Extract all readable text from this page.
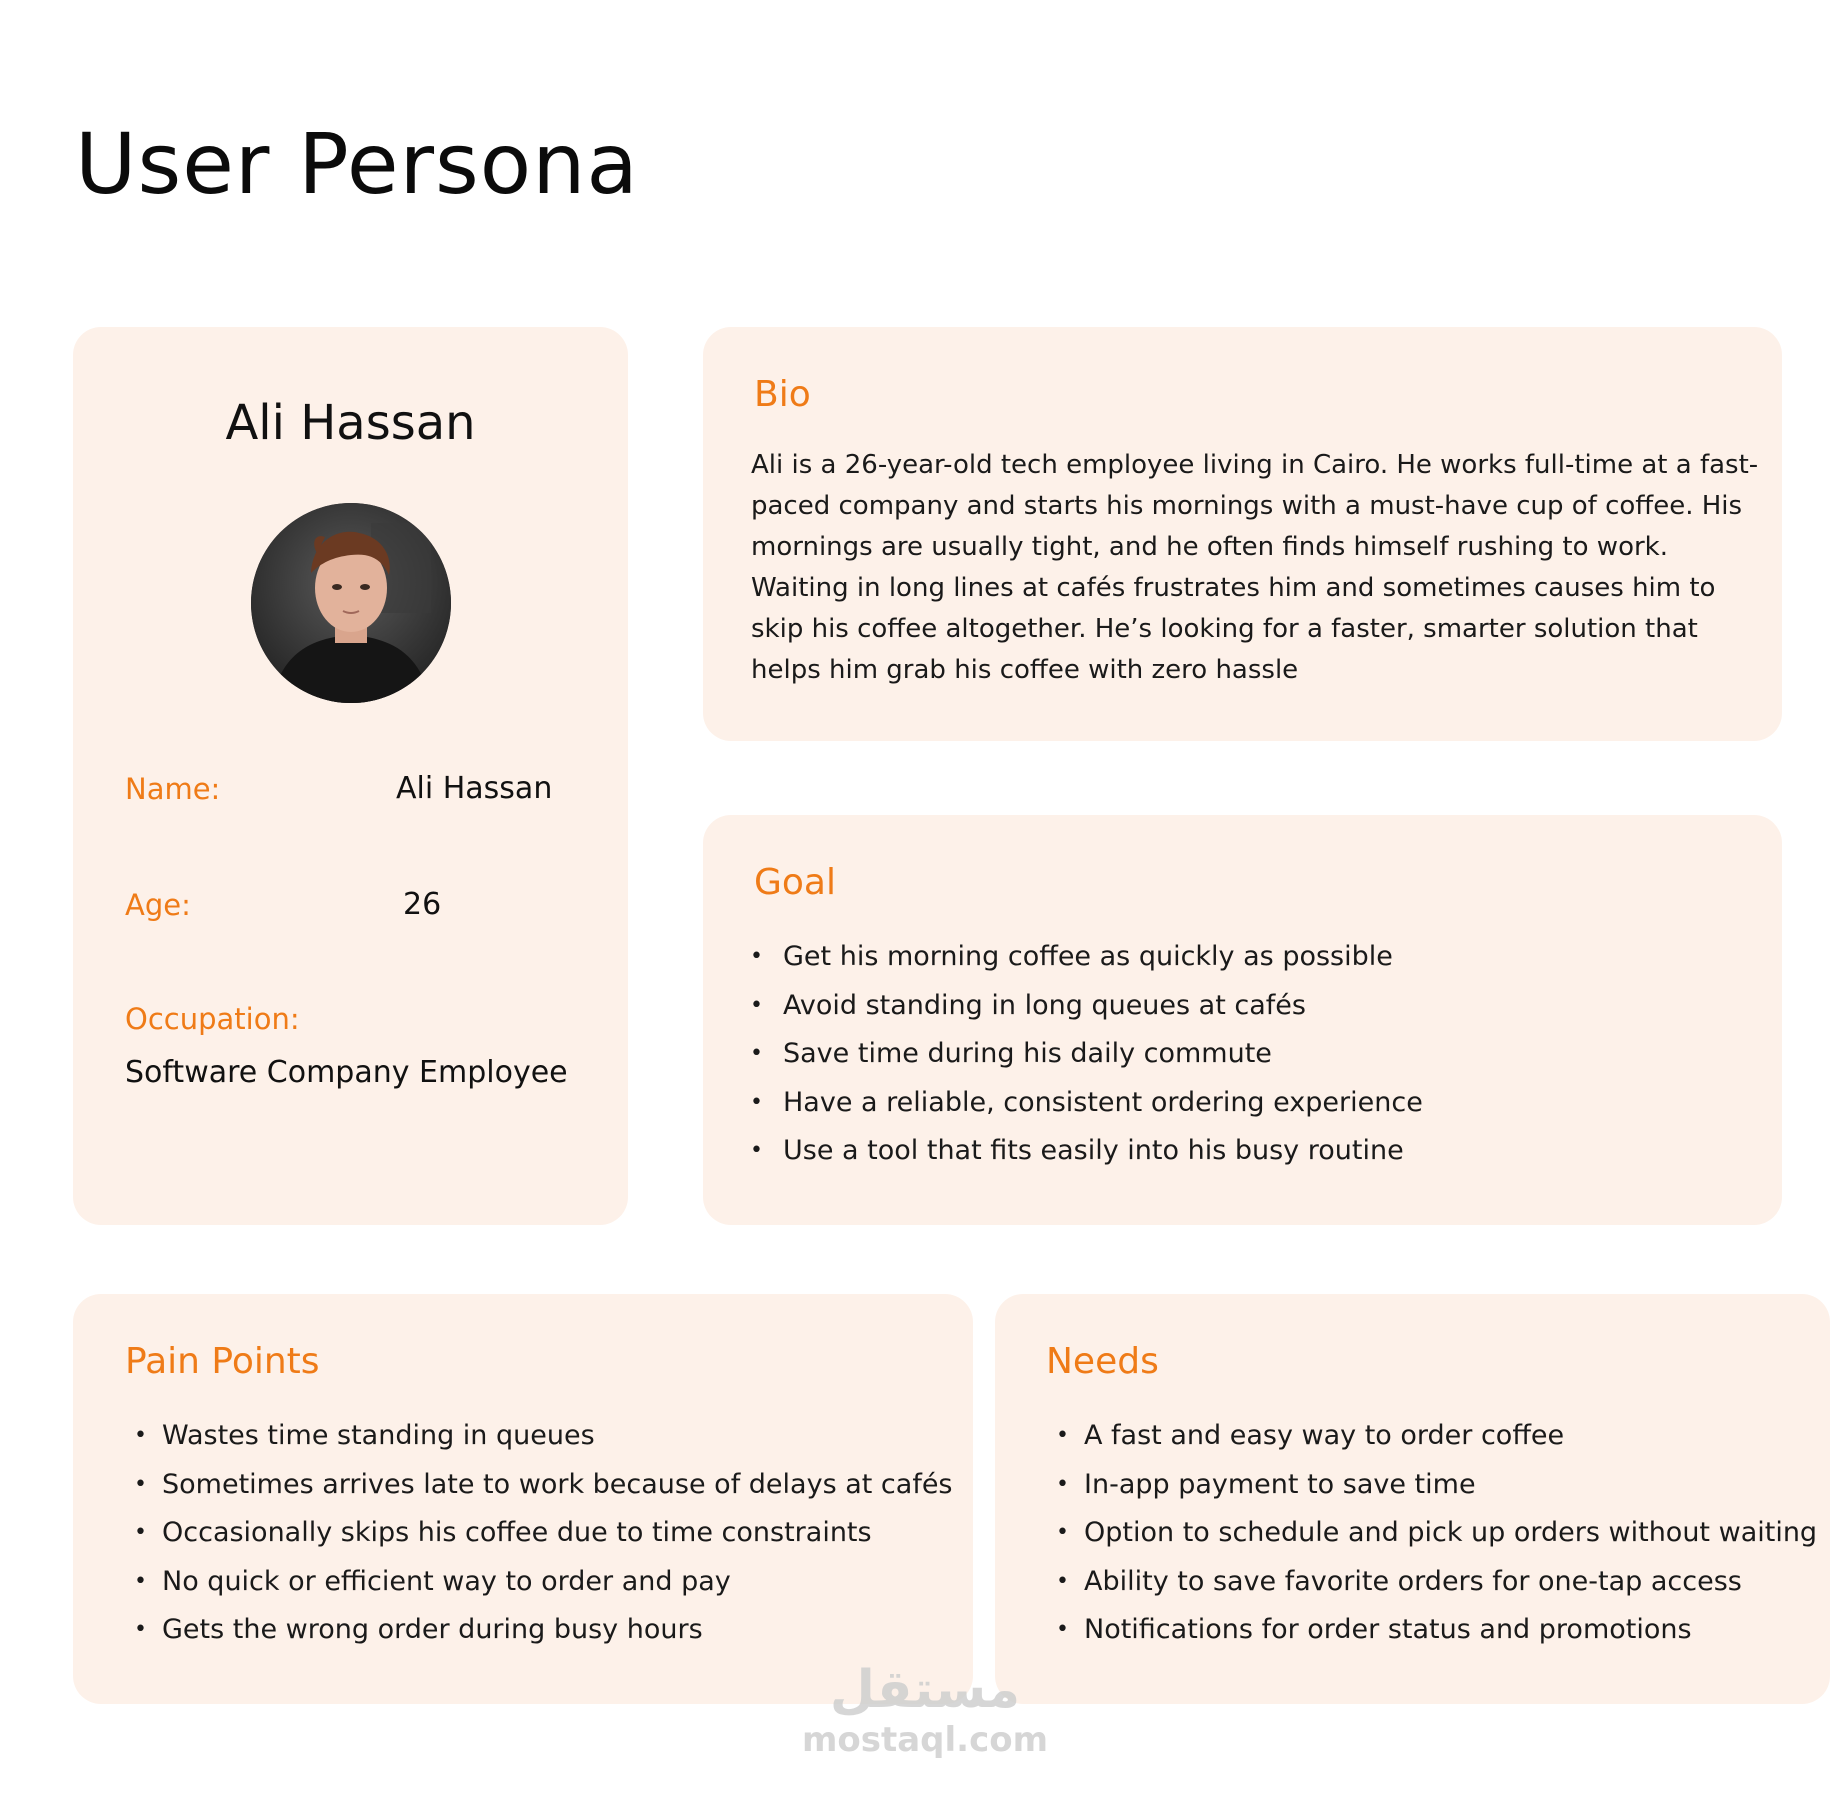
User Persona
Ali Hassan
Name:	Ali Hassan
Age:	26
Occupation:
Software Company Employee
Bio
Ali is a 26-year-old tech employee living in Cairo. He works full-time at a fast-paced company and starts his mornings with a must-have cup of coffee. His mornings are usually tight, and he often finds himself rushing to work. Waiting in long lines at cafés frustrates him and sometimes causes him to skip his coffee altogether. He’s looking for a faster, smarter solution that helps him grab his coffee with zero hassle
Goal
• Get his morning coffee as quickly as possible
• Avoid standing in long queues at cafés
• Save time during his daily commute
• Have a reliable, consistent ordering experience
• Use a tool that fits easily into his busy routine
Pain Points
• Wastes time standing in queues
• Sometimes arrives late to work because of delays at cafés
• Occasionally skips his coffee due to time constraints
• No quick or efficient way to order and pay
• Gets the wrong order during busy hours
Needs
• A fast and easy way to order coffee
• In-app payment to save time
• Option to schedule and pick up orders without waiting
• Ability to save favorite orders for one-tap access
• Notifications for order status and promotions
مستقل
mostaql.com
